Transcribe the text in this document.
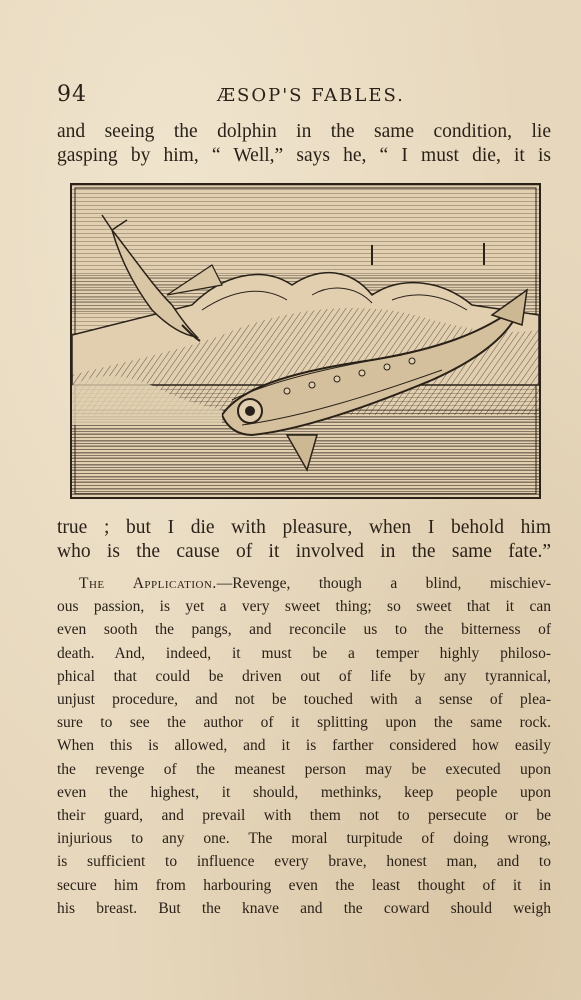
94	ÆSOP'S FABLES.
and seeing the dolphin in the same condition, lie
gasping by him, “ Well,” says he, “ I must die, it is
true ; but I die with pleasure, when I behold him
who is the cause of it involved in the same fate.”
The Application.—Revenge, though a blind, mischiev-
ous passion, is yet a very sweet thing; so sweet that it can
even sooth the pangs, and reconcile us to the bitterness of
death. And, indeed, it must be a temper highly philoso-
phical that could be driven out of life by any tyrannical,
unjust procedure, and not be touched with a sense of plea-
sure to see the author of it splitting upon the same rock.
When this is allowed, and it is farther considered how easily
the revenge of the meanest person may be executed upon
even the highest, it should, methinks, keep people upon
their guard, and prevail with them not to persecute or be
injurious to any one. The moral turpitude of doing wrong,
is sufficient to influence every brave, honest man, and to
secure him from harbouring even the least thought of it in
his breast. But the knave and the coward should weigh
